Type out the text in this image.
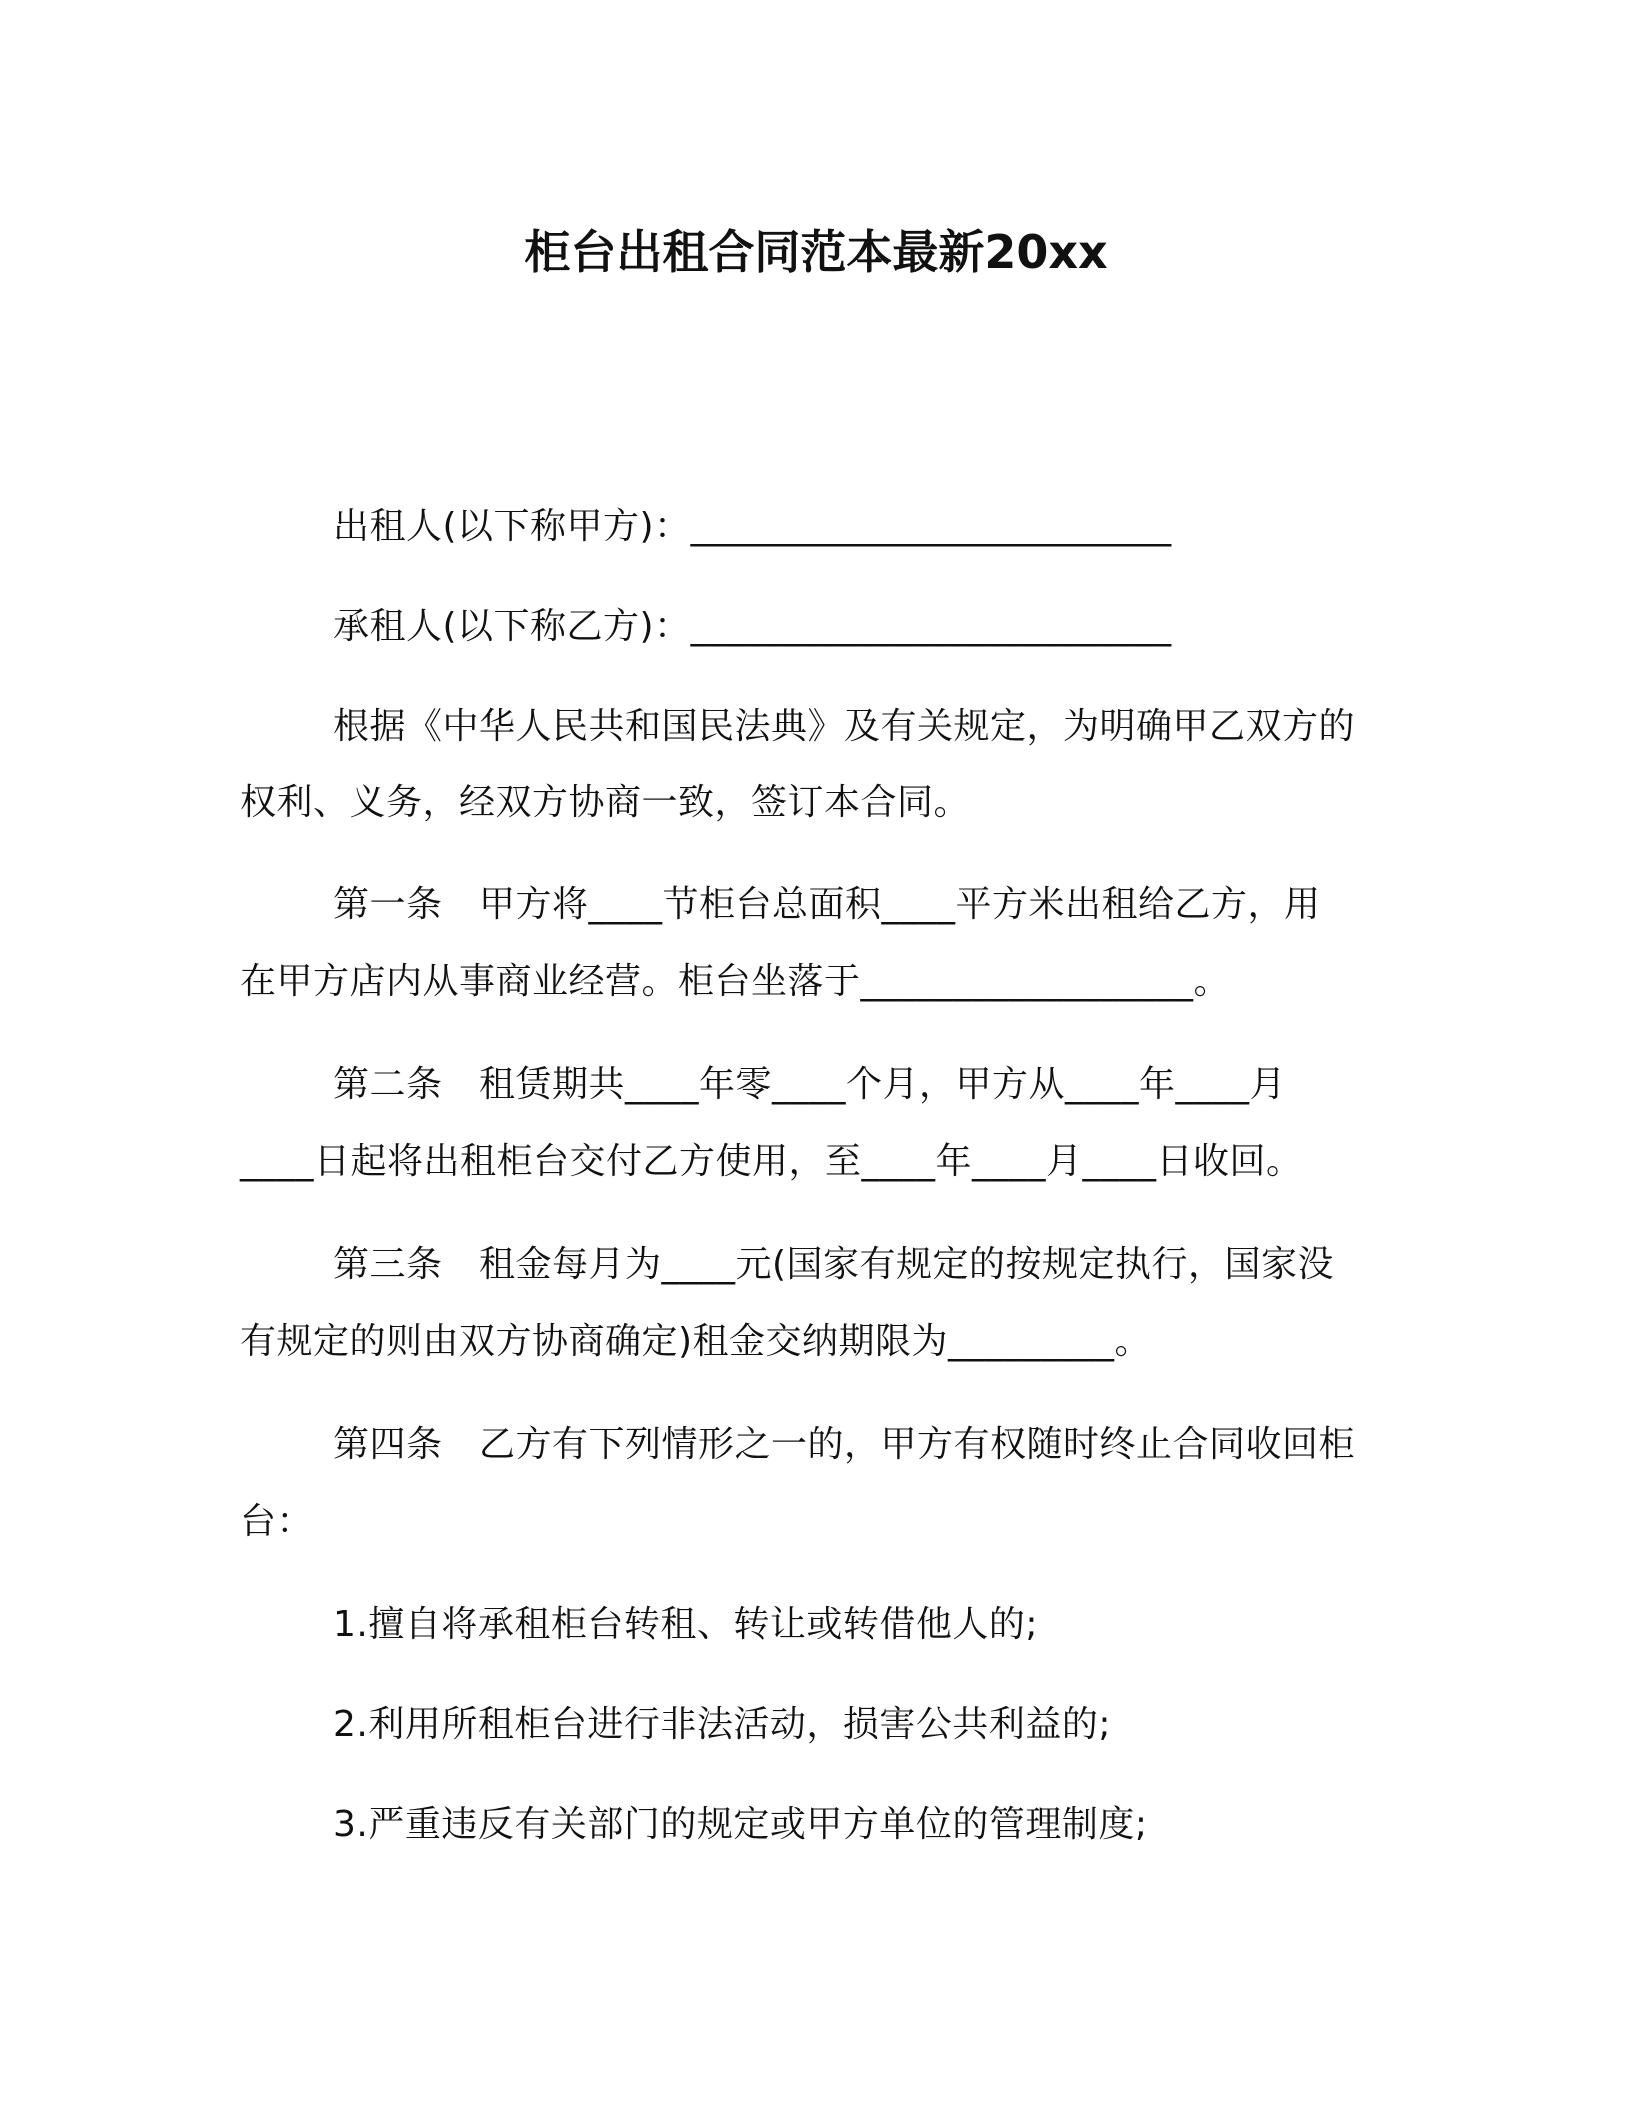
柜台出租合同范本最新20xx
出租人(以下称甲方)：__________________________
承租人(以下称乙方)：__________________________
根据《中华人民共和国民法典》及有关规定，为明确甲乙双方的
权利、义务，经双方协商一致，签订本合同。
第一条　甲方将____节柜台总面积____平方米出租给乙方，用
在甲方店内从事商业经营。柜台坐落于__________________。
第二条　租赁期共____年零____个月，甲方从____年____月
____日起将出租柜台交付乙方使用，至____年____月____日收回。
第三条　租金每月为____元(国家有规定的按规定执行，国家没
有规定的则由双方协商确定)租金交纳期限为_________。
第四条　乙方有下列情形之一的，甲方有权随时终止合同收回柜
台：
1.擅自将承租柜台转租、转让或转借他人的;
2.利用所租柜台进行非法活动，损害公共利益的;
3.严重违反有关部门的规定或甲方单位的管理制度;
